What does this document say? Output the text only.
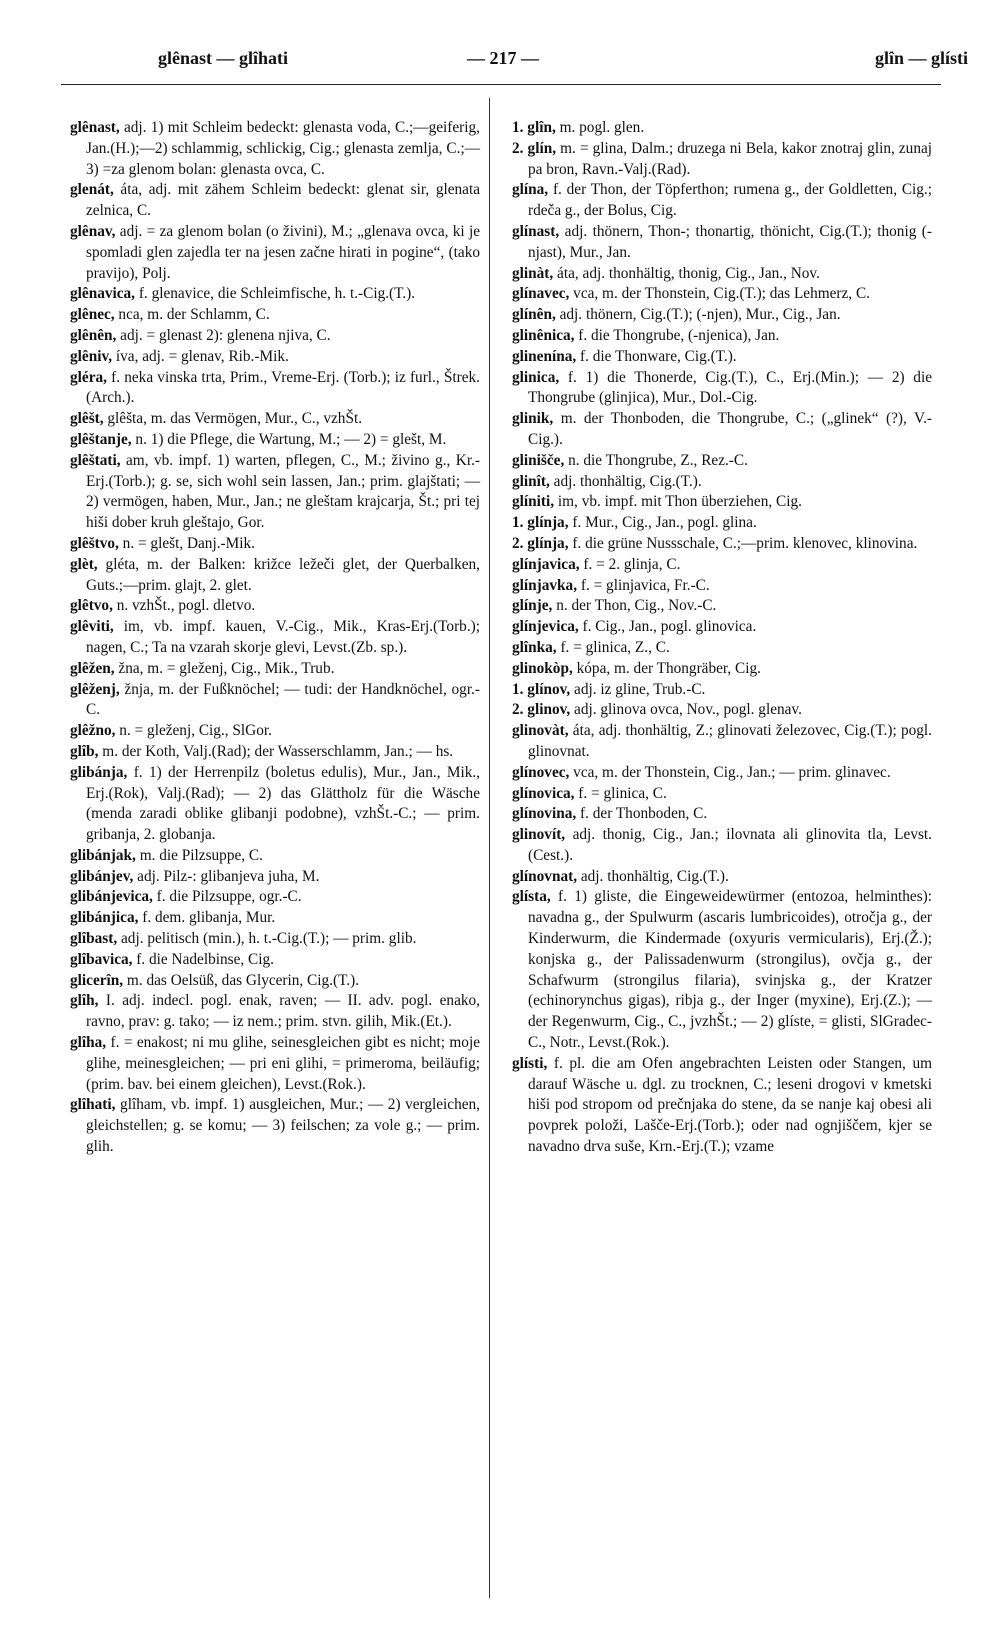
glênast — glîhati	— 217 —	glîn — glísti
glênast, adj. 1) mit Schleim bedeckt: glenasta voda, C.;—geiferig, Jan.(H.);—2) schlammig, schlickig, Cig.; glenasta zemlja, C.;—3) =za glenom bolan: glenasta ovca, C.
glenát, áta, adj. mit zähem Schleim bedeckt: glenat sir, glenata zelnica, C.
glênav, adj. = za glenom bolan (o živini), M.; „glenava ovca, ki je spomladi glen zajedla ter na jesen začne hirati in pogine“, (tako pravijo), Polj.
glênavica, f. glenavice, die Schleimfische, h. t.-Cig.(T.).
glênec, nca, m. der Schlamm, C.
glênên, adj. = glenast 2): glenena njiva, C.
glêniv, íva, adj. = glenav, Rib.-Mik.
gléra, f. neka vinska trta, Prim., Vreme-Erj. (Torb.); iz furl., Štrek.(Arch.).
glêšt, glêšta, m. das Vermögen, Mur., C., vzhŠt.
glêštanje, n. 1) die Pflege, die Wartung, M.; — 2) = glešt, M.
glêštati, am, vb. impf. 1) warten, pflegen, C., M.; živino g., Kr.-Erj.(Torb.); g. se, sich wohl sein lassen, Jan.; prim. glajštati; — 2) vermögen, haben, Mur., Jan.; ne gleštam krajcarja, Št.; pri tej hiši dober kruh gleštajo, Gor.
glêštvo, n. = glešt, Danj.-Mik.
glèt, gléta, m. der Balken: križce ležeči glet, der Querbalken, Guts.;—prim. glajt, 2. glet.
glêtvo, n. vzhŠt., pogl. dletvo.
glêviti, im, vb. impf. kauen, V.-Cig., Mik., Kras-Erj.(Torb.); nagen, C.; Ta na vzarah skorje glevi, Levst.(Zb. sp.).
glêžen, žna, m. = gleženj, Cig., Mik., Trub.
glêženj, žnja, m. der Fußknöchel; — tudi: der Handknöchel, ogr.-C.
glêžno, n. = gleženj, Cig., SlGor.
glîb, m. der Koth, Valj.(Rad); der Wasserschlamm, Jan.; — hs.
glibánja, f. 1) der Herrenpilz (boletus edulis), Mur., Jan., Mik., Erj.(Rok), Valj.(Rad); — 2) das Glättholz für die Wäsche (menda zaradi oblike glibanji podobne), vzhŠt.-C.; — prim. gribanja, 2. globanja.
glibánjak, m. die Pilzsuppe, C.
glibánjev, adj. Pilz-: glibanjeva juha, M.
glibánjevica, f. die Pilzsuppe, ogr.-C.
glibánjica, f. dem. glibanja, Mur.
glîbast, adj. pelitisch (min.), h. t.-Cig.(T.); — prim. glib.
glîbavica, f. die Nadelbinse, Cig.
glicerîn, m. das Oelsüß, das Glycerin, Cig.(T.).
glîh, I. adj. indecl. pogl. enak, raven; — II. adv. pogl. enako, ravno, prav: g. tako; — iz nem.; prim. stvn. gilih, Mik.(Et.).
glîha, f. = enakost; ni mu glihe, seinesgleichen gibt es nicht; moje glihe, meinesgleichen; — pri eni glihi, = primeroma, beiläufig; (prim. bav. bei einem gleichen), Levst.(Rok.).
glîhati, glîham, vb. impf. 1) ausgleichen, Mur.; — 2) vergleichen, gleichstellen; g. se komu; — 3) feilschen; za vole g.; — prim. glih.
1. glîn, m. pogl. glen.
2. glín, m. = glina, Dalm.; druzega ni Bela, kakor znotraj glin, zunaj pa bron, Ravn.-Valj.(Rad).
glína, f. der Thon, der Töpferthon; rumena g., der Goldletten, Cig.; rdeča g., der Bolus, Cig.
glínast, adj. thönern, Thon-; thonartig, thönicht, Cig.(T.); thonig (-njast), Mur., Jan.
glinàt, áta, adj. thonhältig, thonig, Cig., Jan., Nov.
glínavec, vca, m. der Thonstein, Cig.(T.); das Lehmerz, C.
glínên, adj. thönern, Cig.(T.); (-njen), Mur., Cig., Jan.
glinênica, f. die Thongrube, (-njenica), Jan.
glinenína, f. die Thonware, Cig.(T.).
glinica, f. 1) die Thonerde, Cig.(T.), C., Erj.(Min.); — 2) die Thongrube (glinjica), Mur., Dol.-Cig.
glinik, m. der Thonboden, die Thongrube, C.; („glinek“ (?), V.-Cig.).
glinišče, n. die Thongrube, Z., Rez.-C.
glinît, adj. thonhältig, Cig.(T.).
glíniti, im, vb. impf. mit Thon überziehen, Cig.
1. glínja, f. Mur., Cig., Jan., pogl. glina.
2. glínja, f. die grüne Nussschale, C.;—prim. klenovec, klinovina.
glínjavica, f. = 2. glinja, C.
glínjavka, f. = glinjavica, Fr.-C.
glínje, n. der Thon, Cig., Nov.-C.
glínjevica, f. Cig., Jan., pogl. glinovica.
glînka, f. = glinica, Z., C.
glinokòp, kópa, m. der Thongräber, Cig.
1. glínov, adj. iz gline, Trub.-C.
2. glinov, adj. glinova ovca, Nov., pogl. glenav.
glinovàt, áta, adj. thonhältig, Z.; glinovati železovec, Cig.(T.); pogl. glinovnat.
glínovec, vca, m. der Thonstein, Cig., Jan.; — prim. glinavec.
glínovica, f. = glinica, C.
glínovina, f. der Thonboden, C.
glinovít, adj. thonig, Cig., Jan.; ilovnata ali glinovita tla, Levst.(Cest.).
glínovnat, adj. thonhältig, Cig.(T.).
glísta, f. 1) gliste, die Eingeweidewürmer (entozoa, helminthes): navadna g., der Spulwurm (ascaris lumbricoides), otročja g., der Kinderwurm, die Kindermade (oxyuris vermicularis), Erj.(Ž.); konjska g., der Palissadenwurm (strongilus), ovčja g., der Schafwurm (strongilus filaria), svinjska g., der Kratzer (echinorynchus gigas), ribja g., der Inger (myxine), Erj.(Z.); — der Regenwurm, Cig., C., jvzhŠt.; — 2) glíste, = glisti, SlGradec-C., Notr., Levst.(Rok.).
glísti, f. pl. die am Ofen angebrachten Leisten oder Stangen, um darauf Wäsche u. dgl. zu trocknen, C.; leseni drogovi v kmetski hiši pod stropom od prečnjaka do stene, da se nanje kaj obesi ali povprek položi, Lašče-Erj.(Torb.); oder nad ognjiščem, kjer se navadno drva suše, Krn.-Erj.(T.); vzame
